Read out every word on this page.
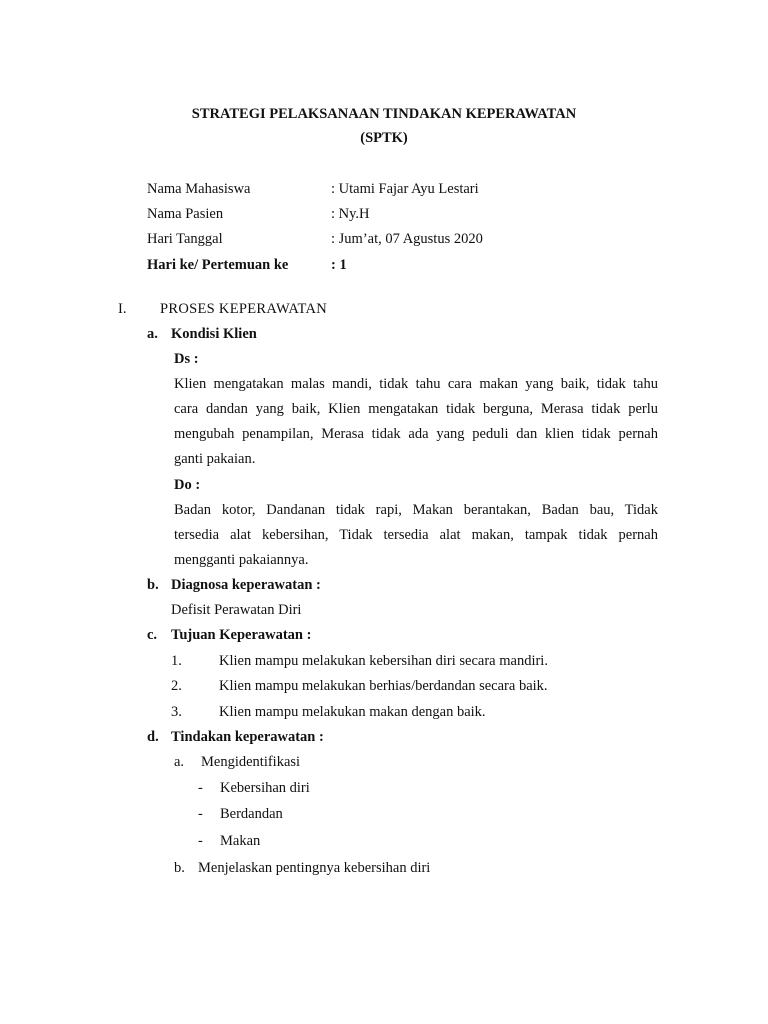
STRATEGI PELAKSANAAN TINDAKAN KEPERAWATAN
(SPTK)
Nama Mahasiswa	: Utami Fajar Ayu Lestari
Nama Pasien	: Ny.H
Hari Tanggal	: Jum’at, 07 Agustus 2020
Hari ke/ Pertemuan ke	: 1
I. PROSES KEPERAWATAN
a. Kondisi Klien
Ds :
Klien mengatakan malas mandi, tidak tahu cara makan yang baik, tidak tahu
cara dandan yang baik, Klien mengatakan tidak berguna, Merasa tidak perlu
mengubah penampilan, Merasa tidak ada yang peduli dan klien tidak pernah
ganti pakaian.
Do :
Badan kotor, Dandanan tidak rapi, Makan berantakan, Badan bau, Tidak
tersedia alat kebersihan, Tidak tersedia alat makan, tampak tidak pernah
mengganti pakaiannya.
b. Diagnosa keperawatan :
Defisit Perawatan Diri
c. Tujuan Keperawatan :
1.	Klien mampu melakukan kebersihan diri secara mandiri.
2.	Klien mampu melakukan berhias/berdandan secara baik.
3.	Klien mampu melakukan makan dengan baik.
d. Tindakan keperawatan :
a. Mengidentifikasi
- Kebersihan diri
- Berdandan
- Makan
b. Menjelaskan pentingnya kebersihan diri
